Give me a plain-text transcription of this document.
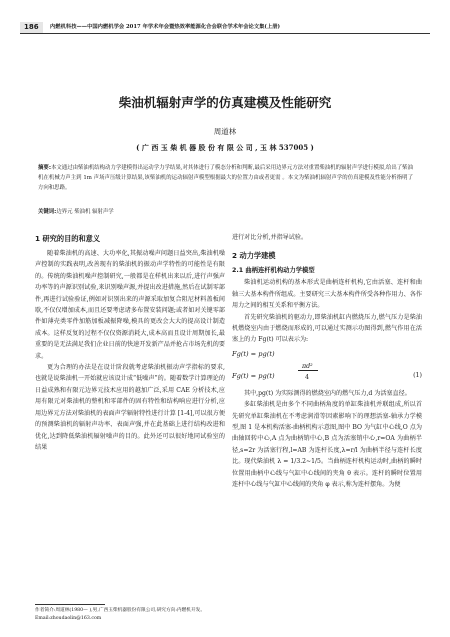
186	内燃机科技——中国内燃机学会 2017 年学术年会暨热效率能源化合会联合学术年会论文集(上册)
柴油机辐射声学的仿真建模及性能研究
周道林
( 广 西 玉 柴 机 器 股 份 有 限 公 司 , 玉 林 537005 )
摘要:本文通过由柴油机结构动力学建模得出运动学力学结果,对其体进行了模态分析和判断,最后采用边界元方法对重置柴油机的辐射声学进行模拟,给出了柴油机在机械力声主到 1m 声场声压级计算结果,该柴油机的运动辐射声模型根据最大的位置力由或者更需 。本文为柴油机辐射声学的仿真建模及性能分析指明了方向和思路。
关键词:边界元 柴油机 辐射声学
1 研究的目的和意义

随着柴油机的高速、大功率化,其振动噪声问题日益突出,柴油机噪声控制的实践表明,改善现有的柴油机的振动声学特性的可能性是有限的。传统的柴油机噪声控制研究,一般都是在样机出来以后,进行声强声功率等的声源识别试验,来识别噪声源,并提出改进措施,然后在试制零部件,再进行试验验证,例如对识别出来的声源采取加复合阻尼材料盖板间歇,不仅仅增加成本,而且还要考虑诸多布置安装问题;或者如对关键零部件如薄壳类零件加筋加板减振降噪,模具的更改会大大的提高设计制造成本。这样反复的过程不仅仅资源消耗大,成本高而且设计周期加长,最重要的是无法满足我们企业日前的快速开发新产品并抢占市场先机的要求。

更为合理的办法是在设计阶段就考虑柴油机振动声学指标的要求,也就是说柴油机一开始就应该设计成“低噪声”的。随着数学计算理论的日益成熟和有限元边界元技术应用的越加广泛,采用 CAE 分析技术,应用有限元对柴油机的整机和零部件的固有特性和结构响应进行分析,应用边界元方法对柴油机的表面声学辐射特性进行计算 [1-4],可以很方便的预测柴油机的辐射声功率、表面声强,并在此基础上进行结构改进和优化,达到降低柴油机辐射噪声的目的。此外还可以很好地同试验室的结果

进行对比分析,并指导试验。

2 动力学建模
2.1 曲柄连杆机构动力学模型

柴油机运动机构的基本形式是曲柄连杆机构,它由活塞、连杆和曲轴三大基本构件所组成。主要研究三大基本构件所受各种作用力、各作用力之间的相互关系和平衡方法。

首先研究柴油机的驱动力,即柴油机缸内燃烧压力,燃气压力是柴油机燃烧室内由于燃烧而形成的,可以通过实测示功图得到,燃气作用在活塞上的力 Fg(t) 可以表示为:

Fg(t) = pg(t)
πd²
Fg(t) = pg(t)	4	(1)

其中,pg(t) 为实际测得的燃烧室内的燃气压力,d 为活塞直径。

多缸柴油机是由多个不同曲柄角度的单缸柴油机并联组成,所以首先研究单缸柴油机在不考虑润滑等因素影响下的理想活塞-轴承力学模型,图 1 是本机构活塞-曲柄机构示意图,图中 BO 为气缸中心线,O 点为曲轴回转中心,A 点为曲柄销中心,B 点为活塞销中心,r=OA 为曲柄半径,s=2r 为活塞行程,l=AB 为连杆长度,λ=r/l 为曲柄半径与连杆长度比。现代柴油机 λ = 1/3.2~1/5。当曲柄连杆机构运动时,曲柄的瞬时位置用曲柄中心线与气缸中心线间的夹角 θ 表示。连杆的瞬时位置用连杆中心线与气缸中心线间的夹角 φ 表示,称为连杆摆角。为便

作者简介:周道林(1980— ),男,广西玉柴机器股份有限公司,研究方向:内燃机开发。
Email:zhoudaolin@163.com
